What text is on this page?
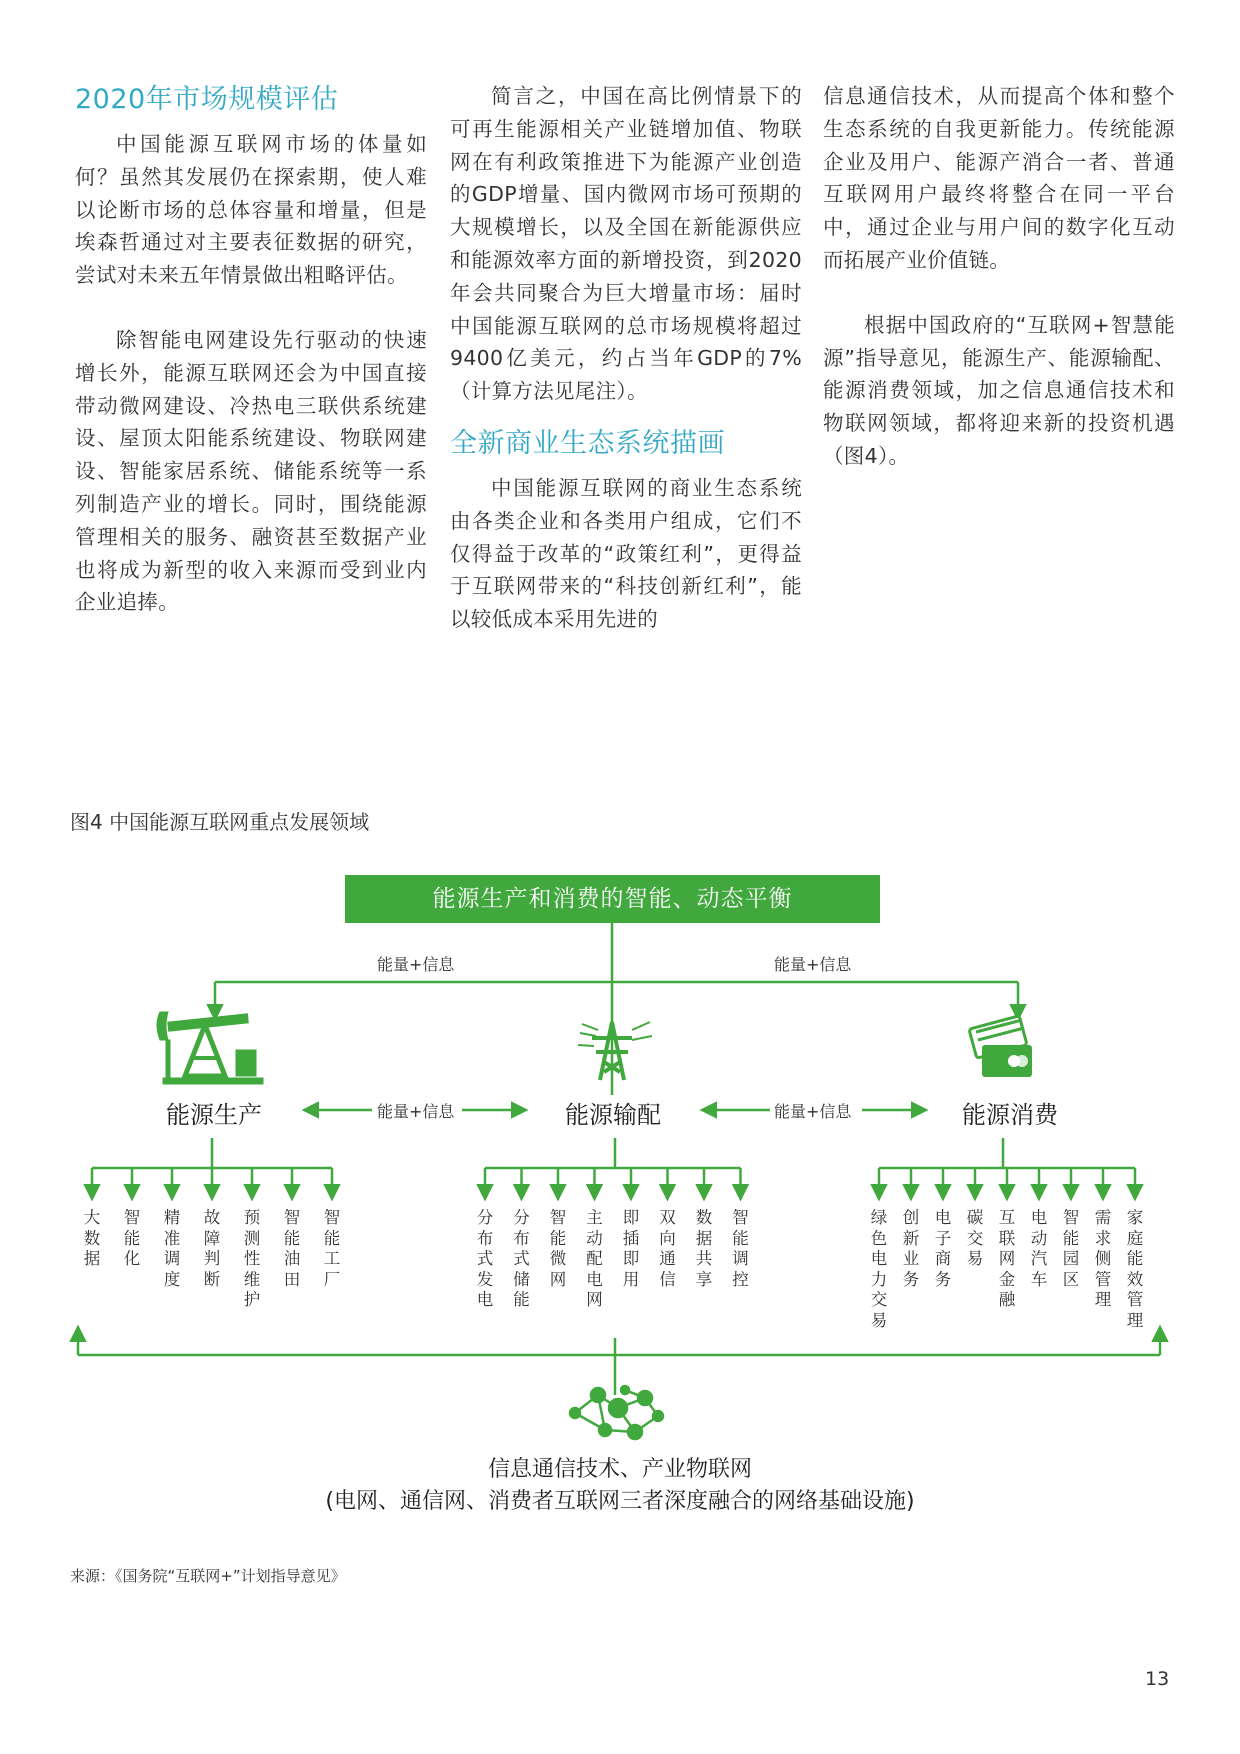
2020年市场规模评估

中国能源互联网市场的体量如何？虽然其发展仍在探索期，使人难以论断市场的总体容量和增量，但是埃森哲通过对主要表征数据的研究，尝试对未来五年情景做出粗略评估。

除智能电网建设先行驱动的快速增长外，能源互联网还会为中国直接带动微网建设、冷热电三联供系统建设、屋顶太阳能系统建设、物联网建设、智能家居系统、储能系统等一系列制造产业的增长。同时，围绕能源管理相关的服务、融资甚至数据产业也将成为新型的收入来源而受到业内企业追捧。

简言之，中国在高比例情景下的可再生能源相关产业链增加值、物联网在有利政策推进下为能源产业创造的GDP增量、国内微网市场可预期的大规模增长，以及全国在新能源供应和能源效率方面的新增投资，到2020年会共同聚合为巨大增量市场：届时中国能源互联网的总市场规模将超过9400亿美元，约占当年GDP的7%（计算方法见尾注）。

全新商业生态系统描画

中国能源互联网的商业生态系统由各类企业和各类用户组成，它们不仅得益于改革的“政策红利”，更得益于互联网带来的“科技创新红利”，能以较低成本采用先进的

信息通信技术，从而提高个体和整个生态系统的自我更新能力。传统能源企业及用户、能源产消合一者、普通互联网用户最终将整合在同一平台中，通过企业与用户间的数字化互动而拓展产业价值链。

根据中国政府的“互联网+智慧能源”指导意见，能源生产、能源输配、能源消费领域，加之信息通信技术和物联网领域，都将迎来新的投资机遇（图4）。

图4 中国能源互联网重点发展领域
能源生产和消费的智能、动态平衡
能量+信息	能量+信息
能量+信息	能量+信息
能源生产	能源输配	能源消费
大数据
智能化
精准调度
故障判断
预测性维护
智能油田
智能工厂
分布式发电
分布式储能
智能微网
主动配电网
即插即用
双向通信
数据共享
智能调控
绿色电力交易
创新业务
电子商务
碳交易
互联网金融
电动汽车
智能园区
需求侧管理
家庭能效管理
信息通信技术、产业物联网
(电网、通信网、消费者互联网三者深度融合的网络基础设施)
来源：《国务院“互联网+”计划指导意见》
13
